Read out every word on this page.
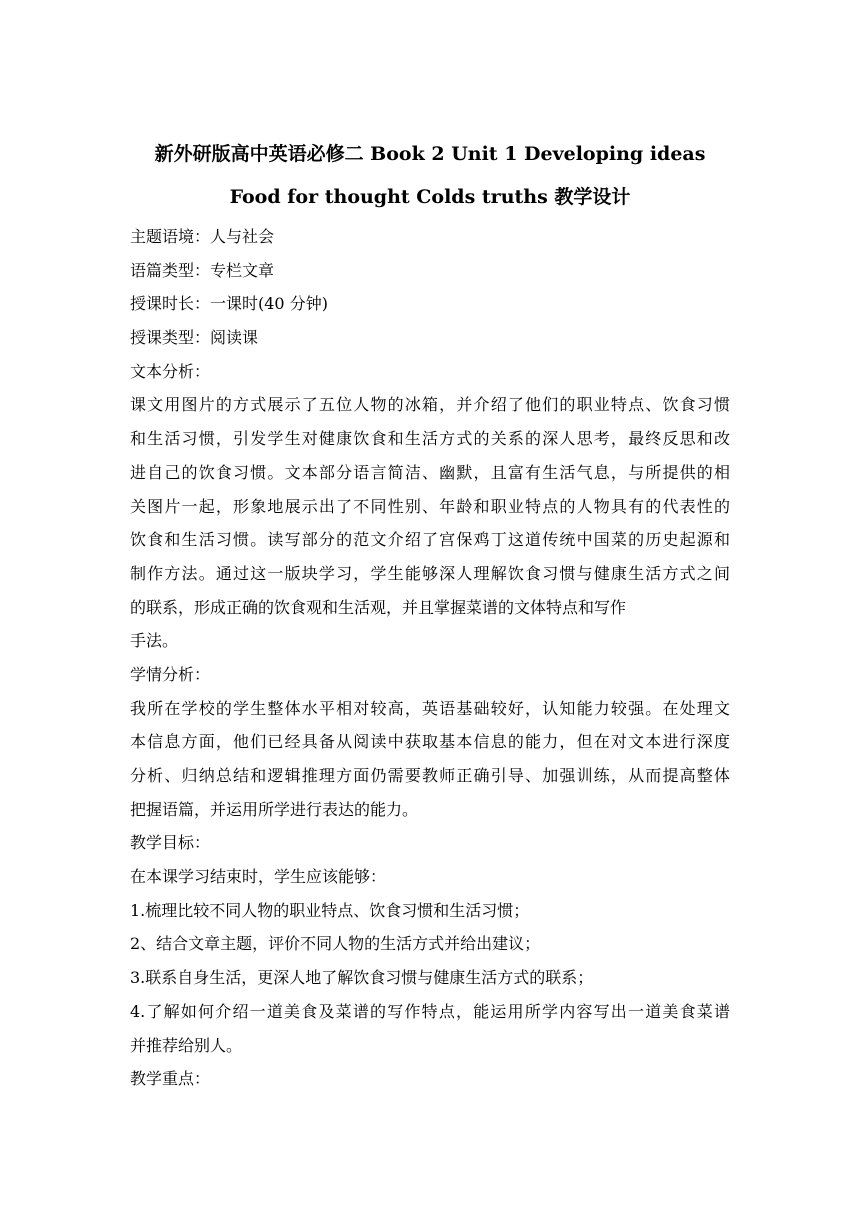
新外研版高中英语必修二 Book 2 Unit 1 Developing ideas
Food for thought Colds truths 教学设计
主题语境：人与社会
语篇类型：专栏文章
授课时长：一课时(40 分钟)
授课类型：阅读课
文本分析：
课文用图片的方式展示了五位人物的冰箱，并介绍了他们的职业特点、饮食习惯
和生活习惯，引发学生对健康饮食和生活方式的关系的深人思考，最终反思和改
进自己的饮食习惯。文本部分语言简洁、幽默，且富有生活气息，与所提供的相
关图片一起，形象地展示出了不同性别、年龄和职业特点的人物具有的代表性的
饮食和生活习惯。读写部分的范文介绍了宫保鸡丁这道传统中国菜的历史起源和
制作方法。通过这一版块学习，学生能够深人理解饮食习惯与健康生活方式之间
的联系，形成正确的饮食观和生活观，并且掌握菜谱的文体特点和写作
手法。
学情分析：
我所在学校的学生整体水平相对较高，英语基础较好，认知能力较强。在处理文
本信息方面，他们已经具备从阅读中获取基本信息的能力，但在对文本进行深度
分析、归纳总结和逻辑推理方面仍需要教师正确引导、加强训练，从而提高整体
把握语篇，并运用所学进行表达的能力。
教学目标：
在本课学习结束时，学生应该能够：
1.梳理比较不同人物的职业特点、饮食习惯和生活习惯；
2、结合文章主题，评价不同人物的生活方式并给出建议；
3.联系自身生活，更深人地了解饮食习惯与健康生活方式的联系；
4.了解如何介绍一道美食及菜谱的写作特点，能运用所学内容写出一道美食菜谱
并推荐给别人。
教学重点：
